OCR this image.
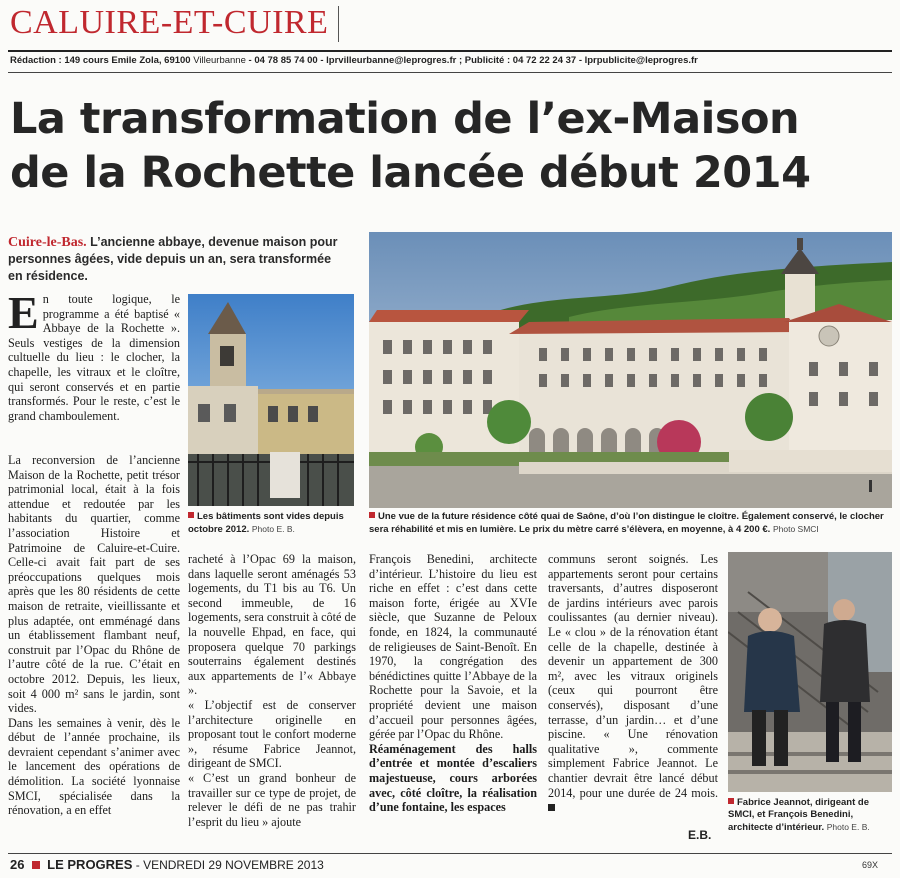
CALUIRE-ET-CUIRE
Rédaction : 149 cours Emile Zola, 69100 Villeurbanne - 04 78 85 74 00 - lprvilleurbanne@leprogres.fr ; Publicité : 04 72 22 24 37 - lprpublicite@leprogres.fr
La transformation de l’ex-Maison
de la Rochette lancée début 2014
Cuire-le-Bas. L’ancienne abbaye, devenue maison pour personnes âgées, vide depuis un an, sera transformée en résidence.

En toute logique, le programme a été baptisé « Abbaye de la Rochette ». Seuls vestiges de la dimension cultuelle du lieu : le clocher, la chapelle, les vitraux et le cloître, qui seront conservés et en partie transformés. Pour le reste, c’est le grand chamboulement.

La reconversion de l’ancienne Maison de la Rochette, petit trésor patrimonial local, était à la fois attendue et redoutée par les habitants du quartier, comme l’association Histoire et Patrimoine de Caluire-et-Cuire. Celle-ci avait fait part de ses préoccupations quelques mois après que les 80 résidents de cette maison de retraite, vieillissante et plus adaptée, ont emménagé dans un établissement flambant neuf, construit par l’Opac du Rhône de l’autre côté de la rue. C’était en octobre 2012. Depuis, les lieux, soit 4 000 m² sans le jardin, sont vides.

Dans les semaines à venir, dès le début de l’année prochaine, ils devraient cependant s’animer avec le lancement des opérations de démolition. La société lyonnaise SMCI, spécialisée dans la rénovation, a en effet

Les bâtiments sont vides depuis octobre 2012. Photo E. B.
Une vue de la future résidence côté quai de Saône, d’où l’on distingue le cloître. Également conservé, le clocher sera réhabilité et mis en lumière. Le prix du mètre carré s’élèvera, en moyenne, à 4 200 €. Photo SMCI

racheté à l’Opac 69 la maison, dans laquelle seront aménagés 53 logements, du T1 bis au T6. Un second immeuble, de 16 logements, sera construit à côté de la nouvelle Ehpad, en face, qui proposera quelque 70 parkings souterrains également destinés aux appartements de l’« Abbaye ».

« L’objectif est de conserver l’architecture originelle en proposant tout le confort moderne », résume Fabrice Jeannot, dirigeant de SMCI.

« C’est un grand bonheur de travailler sur ce type de projet, de relever le défi de ne pas trahir l’esprit du lieu » ajoute

François Benedini, architecte d’intérieur. L’histoire du lieu est riche en effet : c’est dans cette maison forte, érigée au XVIe siècle, que Suzanne de Peloux fonde, en 1824, la communauté de religieuses de Saint-Benoît. En 1970, la congrégation des bénédictines quitte l’Abbaye de la Rochette pour la Savoie, et la propriété devient une maison d’accueil pour personnes âgées, gérée par l’Opac du Rhône.

Réaménagement des halls d’entrée et montée d’escaliers majestueuse, cours arborées avec, côté cloître, la réalisation d’une fontaine, les espaces

communs seront soignés. Les appartements seront pour certains traversants, d’autres disposeront de jardins intérieurs avec parois coulissantes (au dernier niveau). Le « clou » de la rénovation étant celle de la chapelle, destinée à devenir un appartement de 300 m², avec les vitraux originels (ceux qui pourront être conservés), disposant d’une terrasse, d’un jardin… et d’une piscine. « Une rénovation qualitative », commente simplement Fabrice Jeannot. Le chantier devrait être lancé début 2014, pour une durée de 24 mois.

E.B.
Fabrice Jeannot, dirigeant de SMCI, et François Benedini, architecte d’intérieur. Photo E. B.
26 LE PROGRES - VENDREDI 29 NOVEMBRE 2013	69X
